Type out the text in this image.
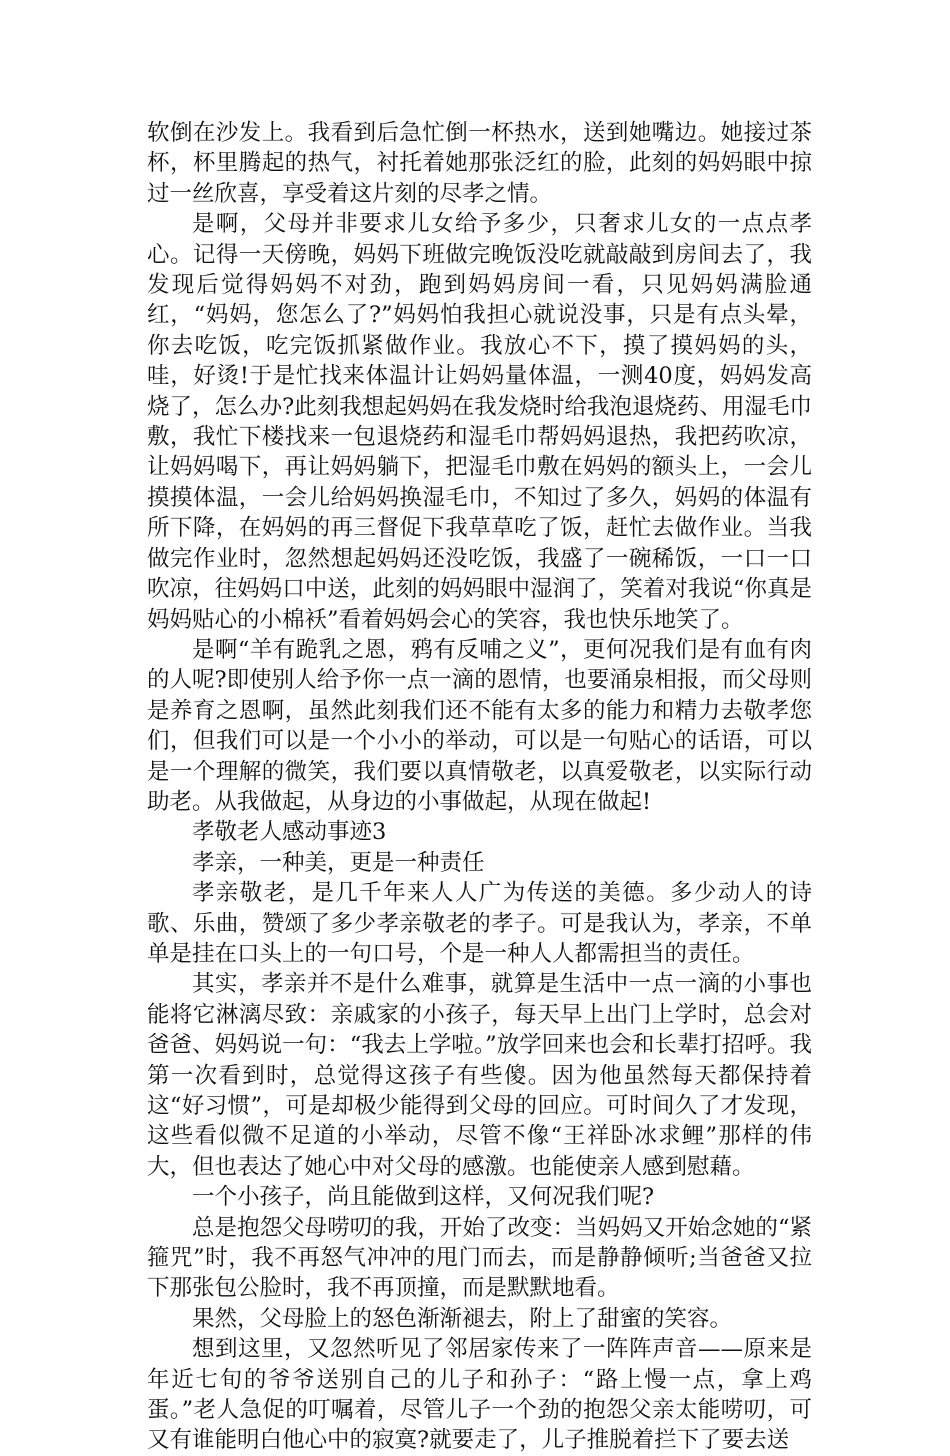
软倒在沙发上。我看到后急忙倒一杯热水，送到她嘴边。她接过茶杯，杯里腾起的热气，衬托着她那张泛红的脸，此刻的妈妈眼中掠过一丝欣喜，享受着这片刻的尽孝之情。

是啊，父母并非要求儿女给予多少，只奢求儿女的一点点孝心。记得一天傍晚，妈妈下班做完晚饭没吃就敲敲到房间去了，我发现后觉得妈妈不对劲，跑到妈妈房间一看，只见妈妈满脸通红，“妈妈，您怎么了?”妈妈怕我担心就说没事，只是有点头晕，你去吃饭，吃完饭抓紧做作业。我放心不下，摸了摸妈妈的头，哇，好烫!于是忙找来体温计让妈妈量体温，一测40度，妈妈发高烧了，怎么办?此刻我想起妈妈在我发烧时给我泡退烧药、用湿毛巾敷，我忙下楼找来一包退烧药和湿毛巾帮妈妈退热，我把药吹凉，让妈妈喝下，再让妈妈躺下，把湿毛巾敷在妈妈的额头上，一会儿摸摸体温，一会儿给妈妈换湿毛巾，不知过了多久，妈妈的体温有所下降，在妈妈的再三督促下我草草吃了饭，赶忙去做作业。当我做完作业时，忽然想起妈妈还没吃饭，我盛了一碗稀饭，一口一口吹凉，往妈妈口中送，此刻的妈妈眼中湿润了，笑着对我说“你真是妈妈贴心的小棉袄”看着妈妈会心的笑容，我也快乐地笑了。

是啊“羊有跪乳之恩，鸦有反哺之义”，更何况我们是有血有肉的人呢?即使别人给予你一点一滴的恩情，也要涌泉相报，而父母则是养育之恩啊，虽然此刻我们还不能有太多的能力和精力去敬孝您们，但我们可以是一个小小的举动，可以是一句贴心的话语，可以是一个理解的微笑，我们要以真情敬老，以真爱敬老，以实际行动助老。从我做起，从身边的小事做起，从现在做起!

孝敬老人感动事迹3

孝亲，一种美，更是一种责任

孝亲敬老，是几千年来人人广为传送的美德。多少动人的诗歌、乐曲，赞颂了多少孝亲敬老的孝子。可是我认为，孝亲，不单单是挂在口头上的一句口号，个是一种人人都需担当的责任。

其实，孝亲并不是什么难事，就算是生活中一点一滴的小事也能将它淋漓尽致：亲戚家的小孩子，每天早上出门上学时，总会对爸爸、妈妈说一句：“我去上学啦。”放学回来也会和长辈打招呼。我第一次看到时，总觉得这孩子有些傻。因为他虽然每天都保持着这“好习惯”，可是却极少能得到父母的回应。可时间久了才发现，这些看似微不足道的小举动，尽管不像“王祥卧冰求鲤”那样的伟大，但也表达了她心中对父母的感激。也能使亲人感到慰藉。

一个小孩子，尚且能做到这样，又何况我们呢?

总是抱怨父母唠叨的我，开始了改变：当妈妈又开始念她的“紧箍咒”时，我不再怒气冲冲的甩门而去，而是静静倾听;当爸爸又拉下那张包公脸时，我不再顶撞，而是默默地看。

果然，父母脸上的怒色渐渐褪去，附上了甜蜜的笑容。

想到这里，又忽然听见了邻居家传来了一阵阵声音——原来是年近七旬的爷爷送别自己的儿子和孙子：“路上慢一点，拿上鸡蛋。”老人急促的叮嘱着，尽管儿子一个劲的抱怨父亲太能唠叨，可又有谁能明白他心中的寂寞?就要走了，儿子推脱着拦下了要去送
